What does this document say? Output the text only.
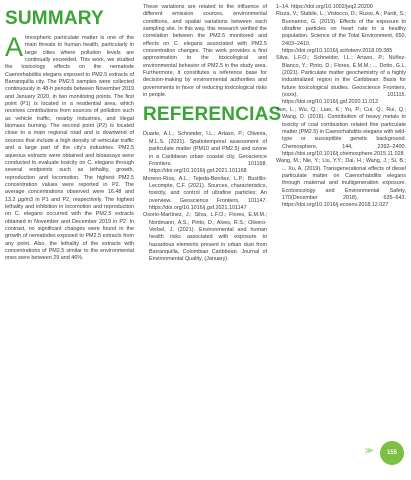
SUMMARY

Atmospheric particulate matter is one of the main threats to human health, particularly in large cities where pollution levels are continually exceeded. This work, we studied the toxicology effects on the nematode Caenorhabditis elegans exposed to PM2.5 extracts of Barranquilla city. The PM2.5 samples were collected continuously in 48-h periods between November 2019 and January 2020, in two monitoring points. The first point (P1) is located in a residential area, which receives contributions from sources of pollution such as vehicle traffic, nearby industries, and illegal biomass burning. The second point (P2) is located close to a main regional road and is downwind of sources that include a high density of vehicular traffic and a large part of the city's industries. PM2.5 aqueous extracts were obtained and bioassays were conducted to evaluate toxicity on C. elegans through several endpoints such as lethality, growth, reproduction and locomotion. The highest PM2.5 concentration values were reported in P2. The average concentrations observed were 16.48 and 13.2 µg/m3 in P1 and P2, respectively. The highest lethality and inhibition in locomotion and reproduction on C. elegans occurred with the PM2.5 extracts obtained in November and December 2019 in P2. In contrast, no significant changes were found in the growth of nematodes exposed to PM2.5 extracts from any point. Also, the lethality of the extracts with concentrations of PM2.5 similar to the environmental ones were between 29 and 46%.

These variations are related to the influence of different emission sources, environmental conditions, and spatial variations between each sampling site. In this way, this research verified the correlation between the PM2.5 monitored and effects on C. elegans associated with PM2.5 concentration changes. This work provides a first approximation to the toxicological and environmental behavior of PM2.5 in the study area. Furthermore, it constitutes a reference base for decision-making by environmental authorities and governments in favor of reducing toxicological risks in people.

REFERENCIAS

Duarte, A.L.; Schneider, I.L.; Artaxo, P.; Oliveira, M.L.S. (2021). Spatiotemporal assessment of particulate matter (PM10 and PM2.5) and ozone in a Caribbean urban coastal city. Geoscience Frontiers, 101168. https://doi.org/10.1016/j.gsf.2021.101168

Moreno-Ríos, A.L.; Tejeda-Benítez, L.P.; Bustillo-Lecompte, C.F. (2021). Sources, characteristics, toxicity, and control of ultrafine particles: An overview. Geoscience Frontiers, 101147. https://doi.org/10.1016/j.gsf.2021.101147

Osorio-Martínez, J.; Silva, L.F.O.; Flores, E.M.M.; Nordmann, A.S.; Pinto, D.; Alves, R.S.; Olivero-Verbel, J. (2021). Environmental and human health risks associated with exposure to hazardous elements present in urban dust from Barranquilla, Colombian Caribbean. Journal of Environmental Quality, (January).

1–14. https://doi.org/10.1002/jeq2.20200

Rizza, V.; Stabile, L.; Vistocco, D.; Russi, A.; Pardi, S.; Buonanno, G. (2019). Effects of the exposure to ultrafine particles on heart rate in a healthy population. Science of the Total Environment, 650, 2403–2410. https://doi.org/10.1016/j.scitotenv.2018.09.385

Silva, L.F.O.; Schneider, I.L.; Artaxo, P.; Núñez-Blanco, Y.; Pinto, D.; Flores, É.M.M.; ... Dotto, G.L. (2021). Particulate matter geochemistry of a highly industrialized region in the Caribbean: Basis for future toxicological studies. Geoscience Frontiers, (xxxx), 101115. https://doi.org/10.1016/j.gsf.2020.11.012

Sun, L.; Wu, Q.; Liao, K.; Yu, P.; Cui, Q.; Rui, Q.; Wang, D. (2016). Contribution of heavy metals to toxicity of coal combustion related fine particulate matter (PM2.5) in Caenorhabditis elegans with wild-type or susceptible genetic background. Chemosphere, 144, 2392–2400. https://doi.org/10.1016/j.chemosphere.2015.11.028

Wang, M.; Nie, Y.; Liu, Y.Y.; Dai, H.; Wang, J.; Si, B.; ... Xu, A. (2019). Transgenerational effects of diesel particulate matter on Caenorhabditis elegans through maternal and multigeneration exposure. Ecotoxicology and Environmental Safety, 170(December 2018), 635–643. https://doi.org/10.1016/j.ecoenv.2018.12.027

≫	155
